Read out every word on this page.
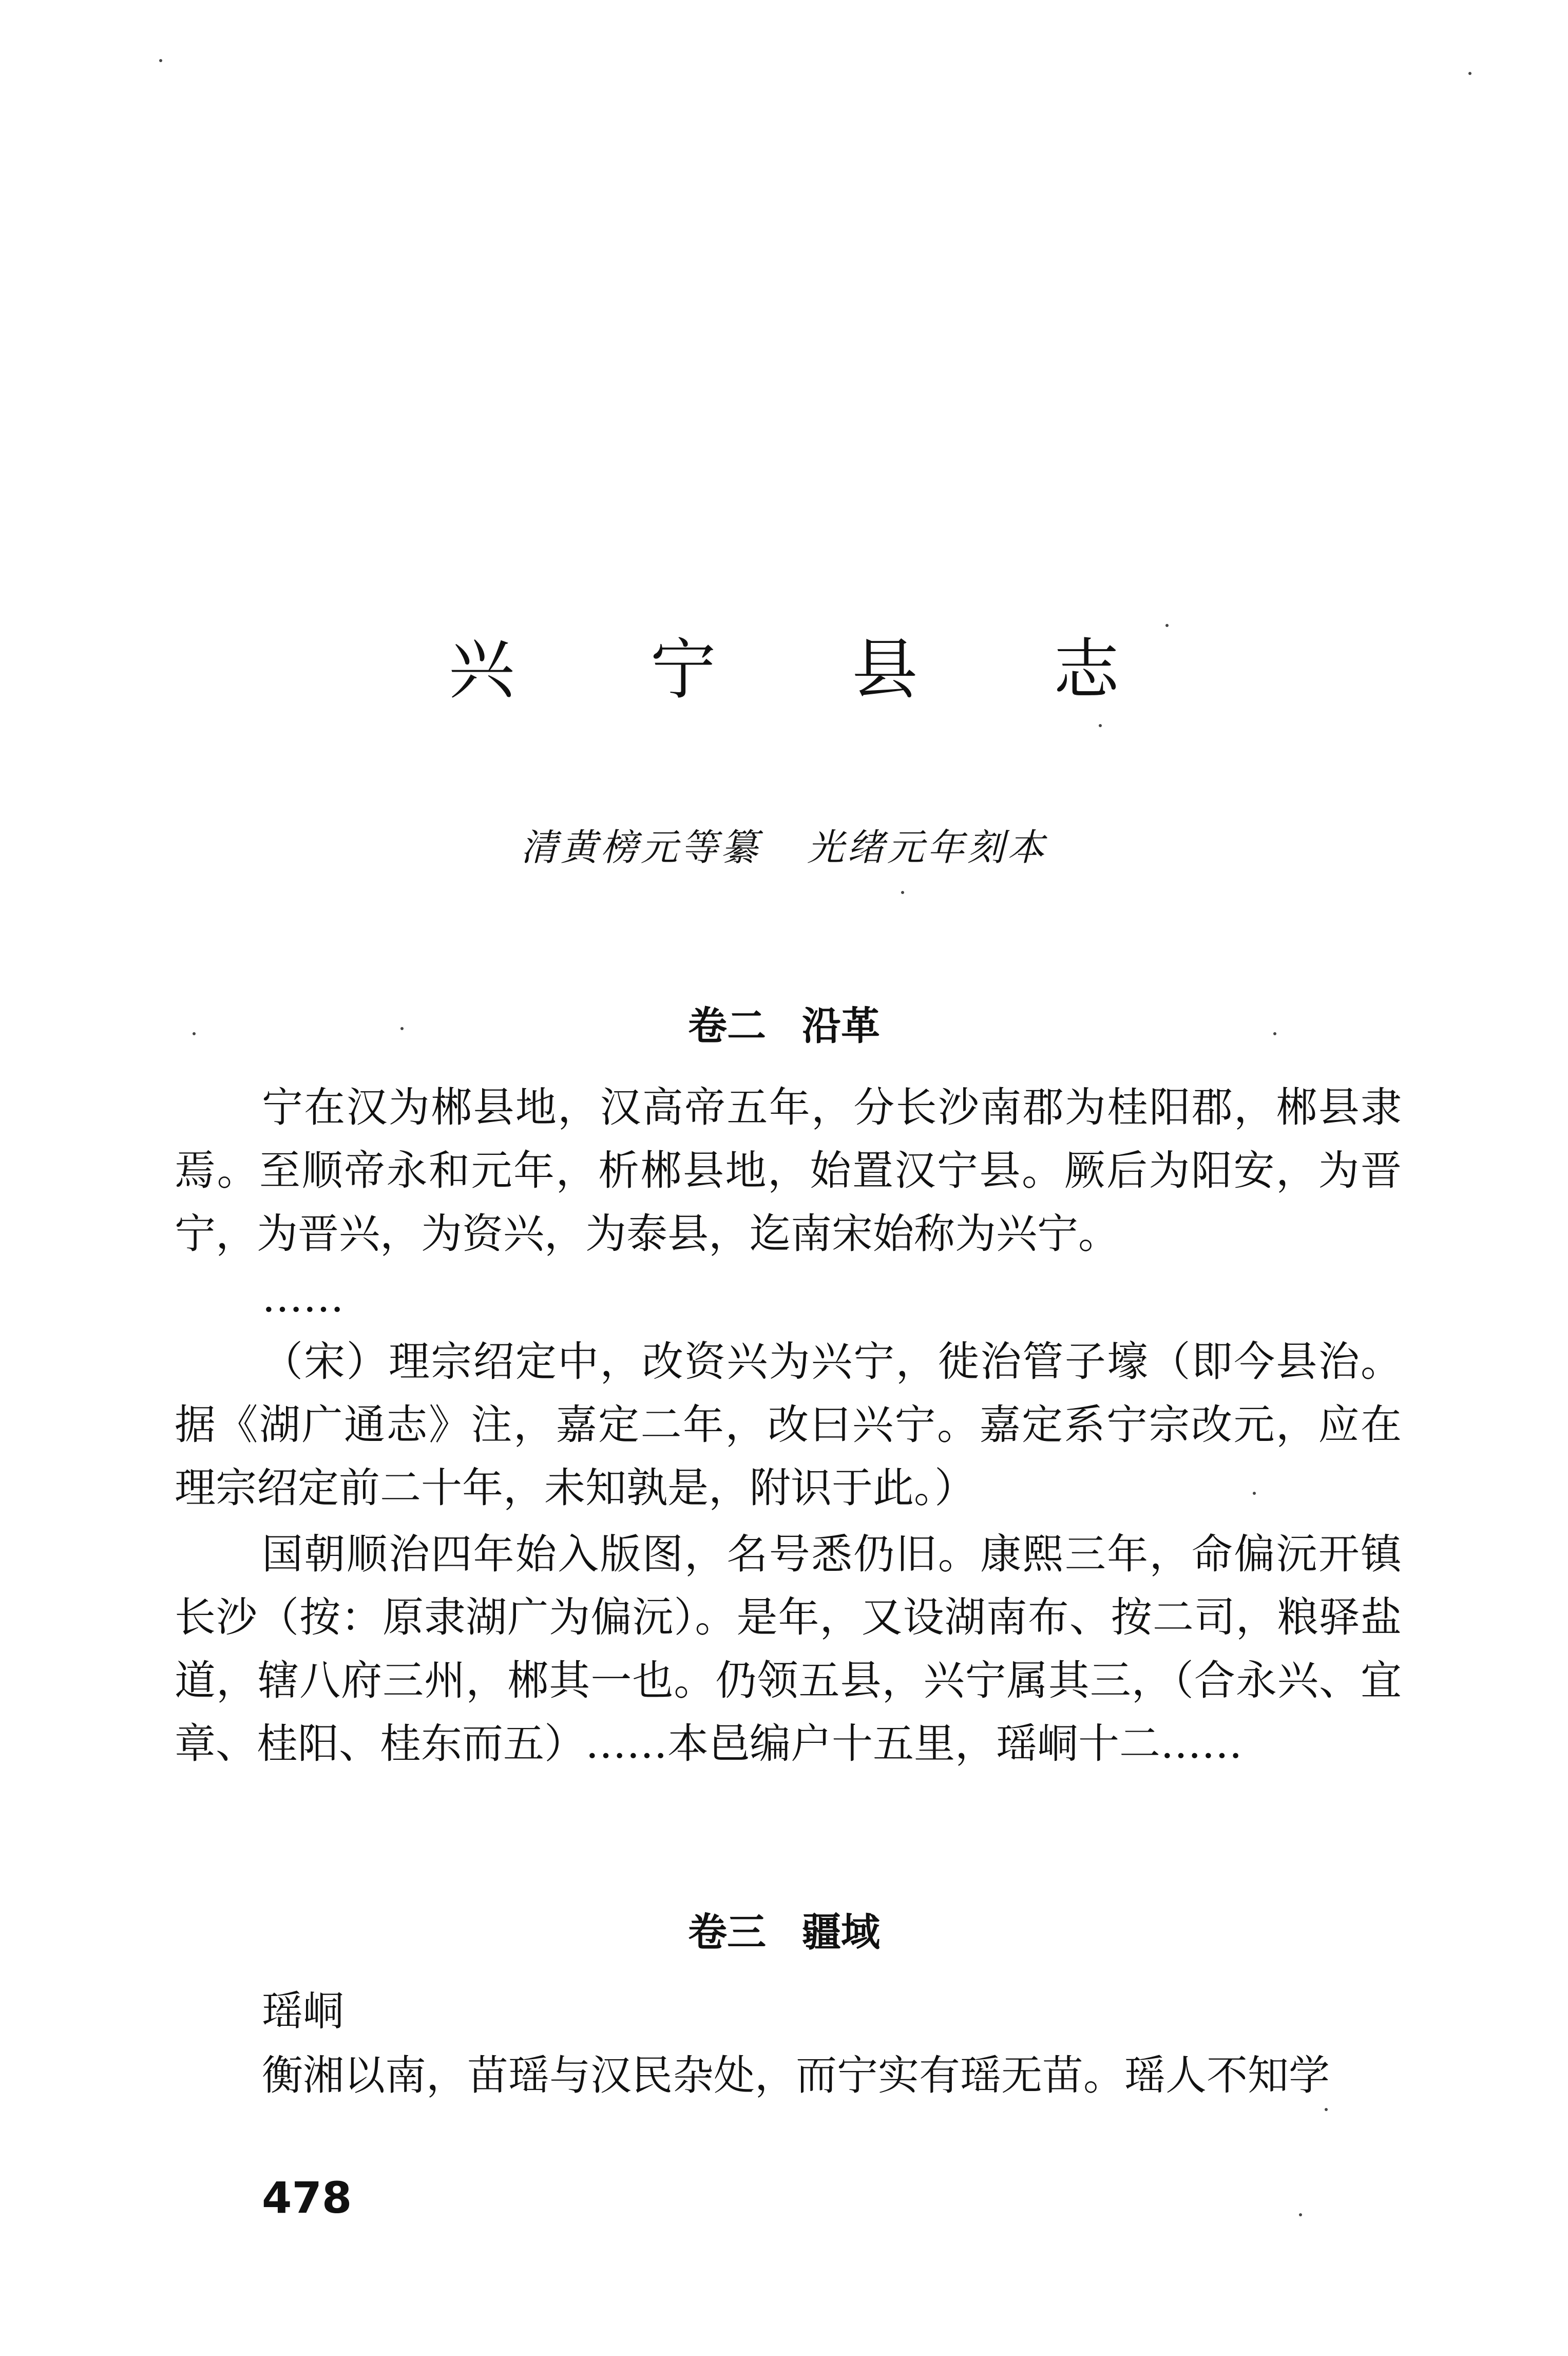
兴 宁 县 志
清黄榜元等纂 光绪元年刻本
卷二 沿革

宁在汉为郴县地，汉高帝五年，分长沙南郡为桂阳郡，郴县隶焉。至顺帝永和元年，析郴县地，始置汉宁县。厥后为阳安，为晋宁，为晋兴，为资兴，为泰县，迄南宋始称为兴宁。

……

（宋）理宗绍定中，改资兴为兴宁，徙治管子壕（即今县治。据《湖广通志》注，嘉定二年，改曰兴宁。嘉定系宁宗改元，应在理宗绍定前二十年，未知孰是，附识于此。）

国朝顺治四年始入版图，名号悉仍旧。康熙三年，命偏沅开镇长沙（按：原隶湖广为偏沅）。是年，又设湖南布、按二司，粮驿盐道，辖八府三州，郴其一也。仍领五县，兴宁属其三，（合永兴、宜章、桂阳、桂东而五）……本邑编户十五里，瑶峒十二……

卷三 疆域

瑶峒

衡湘以南，苗瑶与汉民杂处，而宁实有瑶无苗。瑶人不知学

478
